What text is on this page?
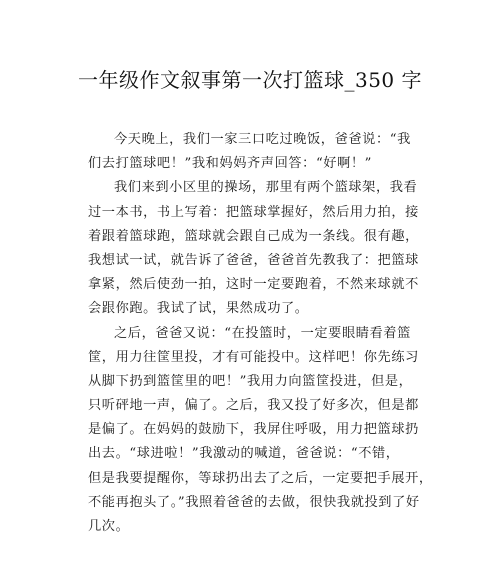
一年级作文叙事第一次打篮球_350 字
今天晚上，我们一家三口吃过晚饭，爸爸说：“我
们去打篮球吧！”我和妈妈齐声回答：“好啊！”
我们来到小区里的操场，那里有两个篮球架，我看
过一本书，书上写着：把篮球掌握好，然后用力拍，接
着跟着篮球跑，篮球就会跟自己成为一条线。很有趣，
我想试一试，就告诉了爸爸，爸爸首先教我了：把篮球
拿紧，然后使劲一拍，这时一定要跑着，不然来球就不
会跟你跑。我试了试，果然成功了。
之后，爸爸又说：“在投篮时，一定要眼睛看着篮
筐，用力往筐里投，才有可能投中。这样吧！你先练习
从脚下扔到篮筐里的吧！”我用力向篮筐投进，但是，
只听砰地一声，偏了。之后，我又投了好多次，但是都
是偏了。在妈妈的鼓励下，我屏住呼吸，用力把篮球扔
出去。“球进啦！”我激动的喊道，爸爸说：“不错，
但是我要提醒你，等球扔出去了之后，一定要把手展开，
不能再抱头了。”我照着爸爸的去做，很快我就投到了好
几次。
